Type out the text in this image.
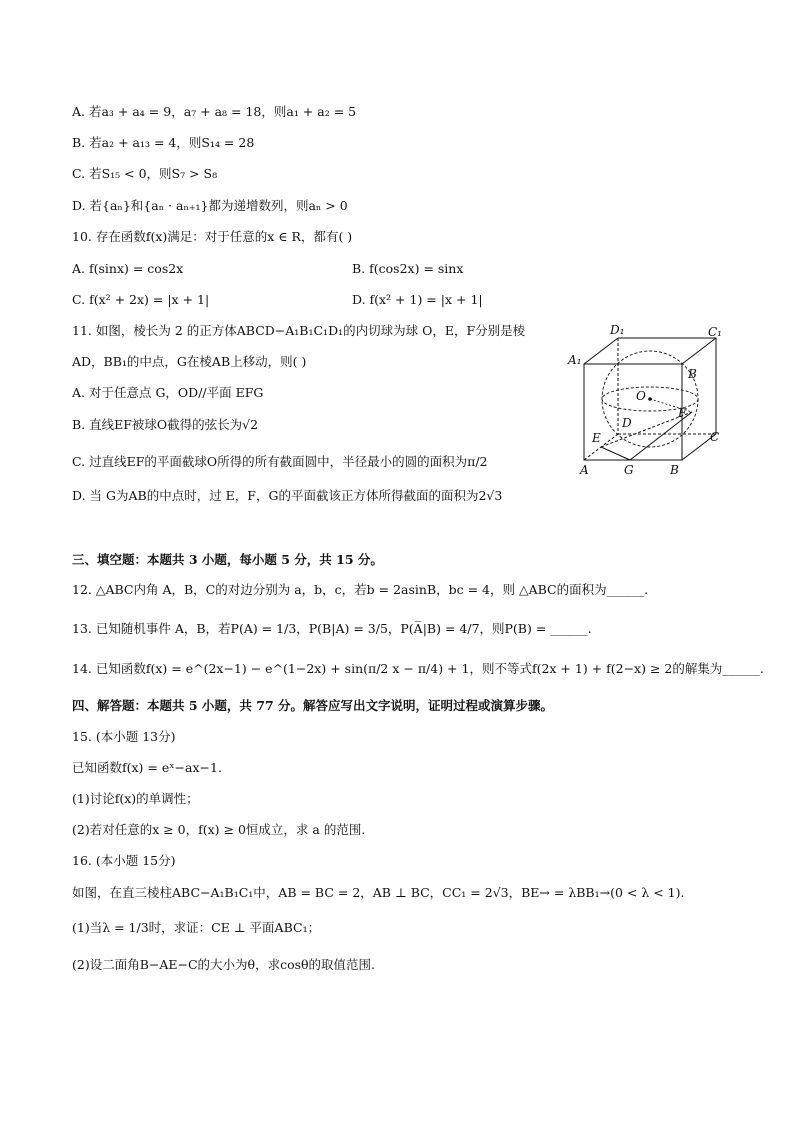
A. 若a₃ + a₄ = 9，a₇ + a₈ = 18，则a₁ + a₂ = 5
B. 若a₂ + a₁₃ = 4，则S₁₄ = 28
C. 若S₁₅ < 0，则S₇ > S₈
D. 若{aₙ}和{aₙ · aₙ₊₁}都为递增数列，则aₙ > 0
10. 存在函数f(x)满足：对于任意的x ∈ R，都有( )
A. f(sinx) = cos2x	B. f(cos2x) = sinx
C. f(x² + 2x) = |x + 1|	D. f(x² + 1) = |x + 1|
11. 如图，棱长为 2 的正方体ABCD−A₁B₁C₁D₁的内切球为球 O，E，F分别是棱
AD，BB₁的中点，G在棱AB上移动，则( )
A. 对于任意点 G，OD//平面 EFG
B. 直线EF被球O截得的弦长为√2
C. 过直线EF的平面截球O所得的所有截面圆中，半径最小的圆的面积为π/2
D. 当 G为AB的中点时，过 E，F，G的平面截该正方体所得截面的面积为2√3
D₁	C₁
A₁
B
O
F
D
E	C
A	G	B
三、填空题：本题共 3 小题，每小题 5 分，共 15 分。
12. △ABC内角 A，B，C的对边分别为 a，b，c，若b = 2asinB，bc = 4，则 △ABC的面积为______.
13. 已知随机事件 A，B，若P(A) = 1/3，P(B|A) = 3/5，P(A̅|B) = 4/7，则P(B) = ______.
14. 已知函数f(x) = e^(2x−1) − e^(1−2x) + sin(π/2 x − π/4) + 1，则不等式f(2x + 1) + f(2−x) ≥ 2的解集为______.
四、解答题：本题共 5 小题，共 77 分。解答应写出文字说明，证明过程或演算步骤。
15. (本小题 13分)
已知函数f(x) = eˣ−ax−1.
(1)讨论f(x)的单调性；
(2)若对任意的x ≥ 0，f(x) ≥ 0恒成立，求 a 的范围.
16. (本小题 15分)
如图，在直三棱柱ABC−A₁B₁C₁中，AB = BC = 2，AB ⊥ BC，CC₁ = 2√3，BE→ = λBB₁→(0 < λ < 1).
(1)当λ = 1/3时，求证：CE ⊥ 平面ABC₁；
(2)设二面角B−AE−C的大小为θ，求cosθ的取值范围.
